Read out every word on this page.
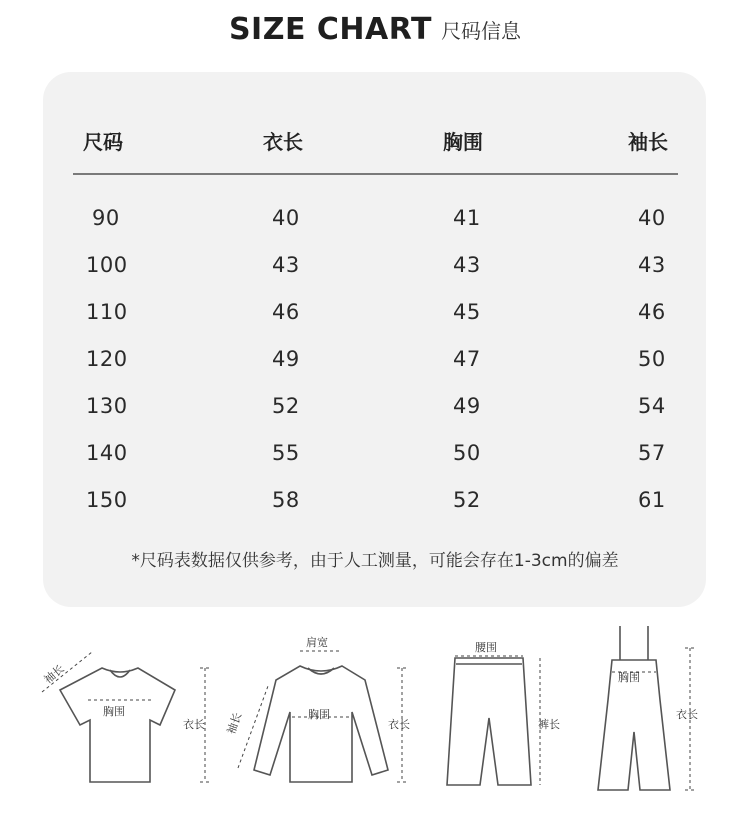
SIZE CHART 尺码信息
尺码	衣长	胸围	袖长
90	40	41	40
100	43	43	43
110	46	45	46
120	49	47	50
130	52	49	54
140	55	50	57
150	58	52	61
*尺码表数据仅供参考，由于人工测量，可能会存在1-3cm的偏差
袖长
胸围
衣长
肩宽
袖长	胸围
衣长
腰围
裤长
胸围
衣长
